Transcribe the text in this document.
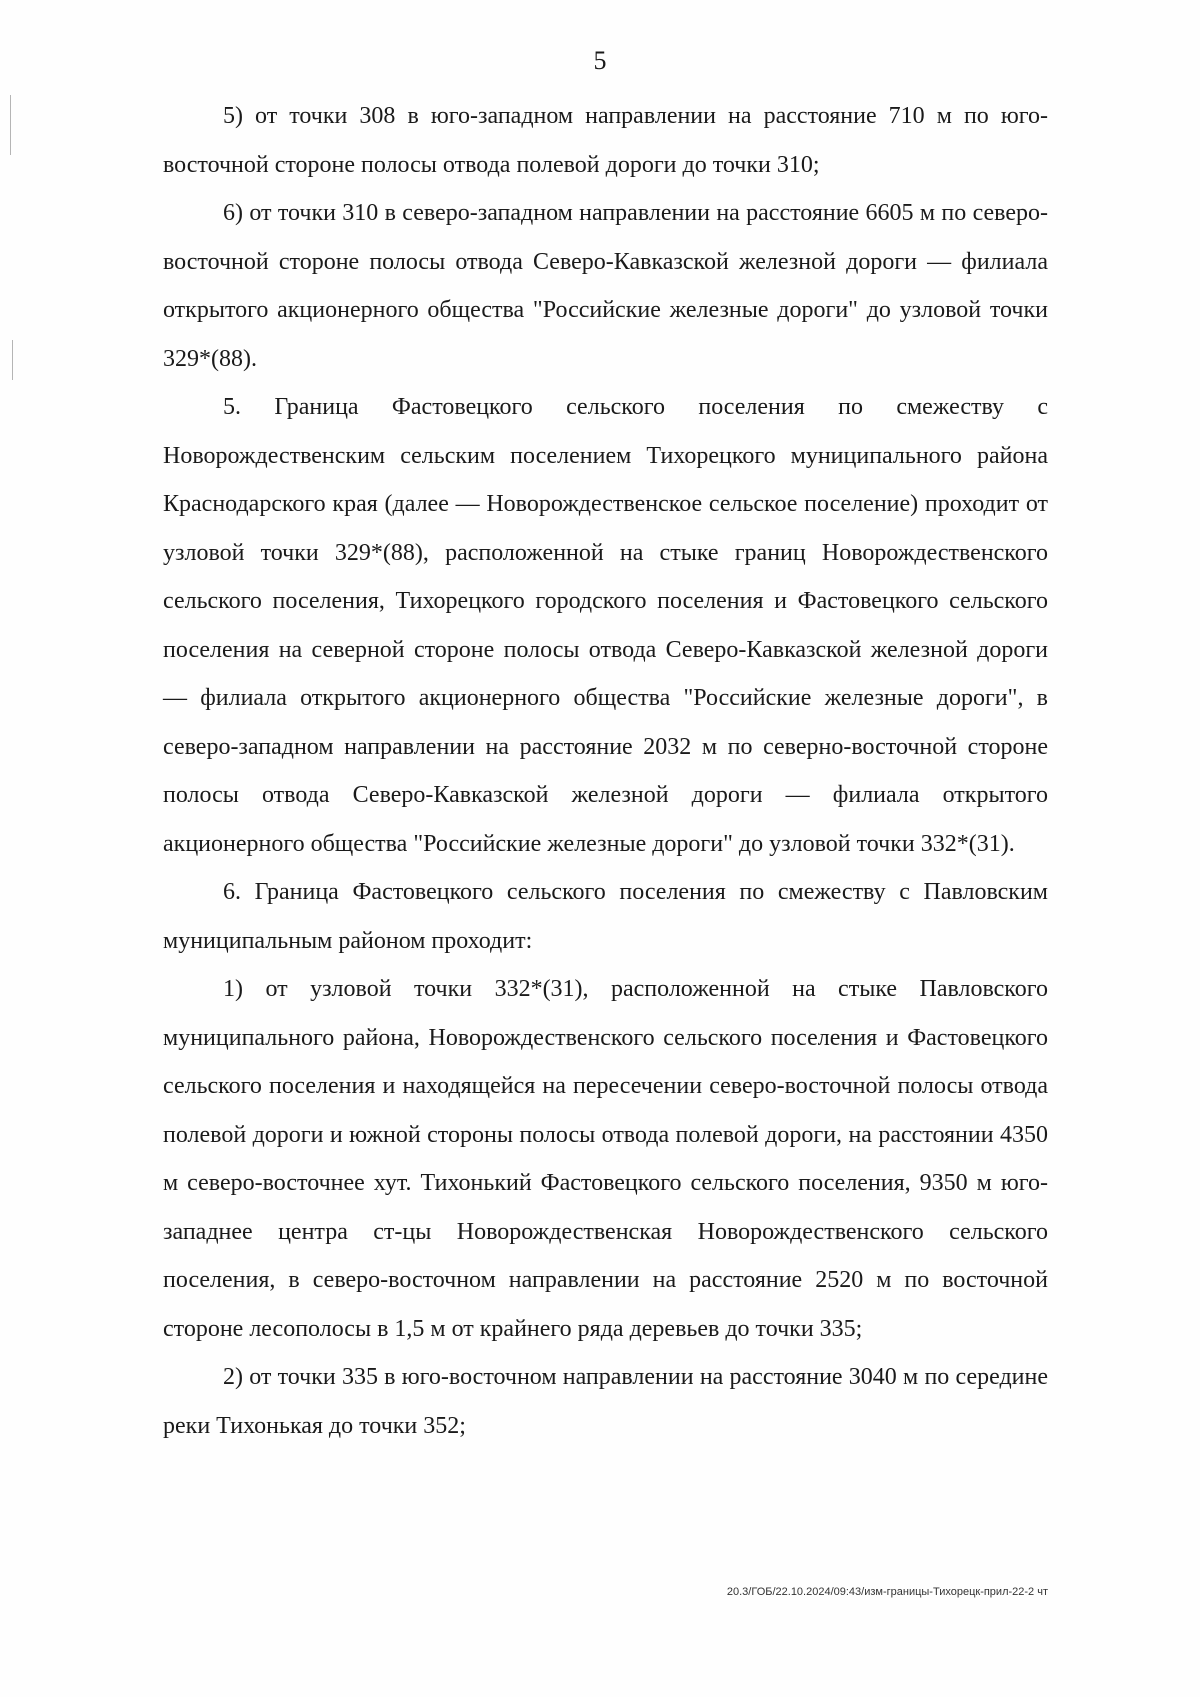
5

5) от точки 308 в юго-западном направлении на расстояние 710 м по юго-восточной стороне полосы отвода полевой дороги до точки 310;

6) от точки 310 в северо-западном направлении на расстояние 6605 м по северо-восточной стороне полосы отвода Северо-Кавказской железной дороги — филиала открытого акционерного общества "Российские железные дороги" до узловой точки 329*(88).

5. Граница Фастовецкого сельского поселения по смежеству с Новорождественским сельским поселением Тихорецкого муниципального района Краснодарского края (далее — Новорождественское сельское поселение) проходит от узловой точки 329*(88), расположенной на стыке границ Новорождественского сельского поселения, Тихорецкого городского поселения и Фастовецкого сельского поселения на северной стороне полосы отвода Северо-Кавказской железной дороги — филиала открытого акционерного общества "Российские железные дороги", в северо-западном направлении на расстояние 2032 м по северно-восточной стороне полосы отвода Северо-Кавказской железной дороги — филиала открытого акционерного общества "Российские железные дороги" до узловой точки 332*(31).

6. Граница Фастовецкого сельского поселения по смежеству с Павловским муниципальным районом проходит:

1) от узловой точки 332*(31), расположенной на стыке Павловского муниципального района, Новорождественского сельского поселения и Фастовецкого сельского поселения и находящейся на пересечении северо-восточной полосы отвода полевой дороги и южной стороны полосы отвода полевой дороги, на расстоянии 4350 м северо-восточнее хут. Тихонький Фастовецкого сельского поселения, 9350 м юго-западнее центра ст-цы Новорождественская Новорождественского сельского поселения, в северо-восточном направлении на расстояние 2520 м по восточной стороне лесополосы в 1,5 м от крайнего ряда деревьев до точки 335;

2) от точки 335 в юго-восточном направлении на расстояние 3040 м по середине реки Тихонькая до точки 352;

20.3/ГОБ/22.10.2024/09:43/изм-границы-Тихорецк-прил-22-2 чт
